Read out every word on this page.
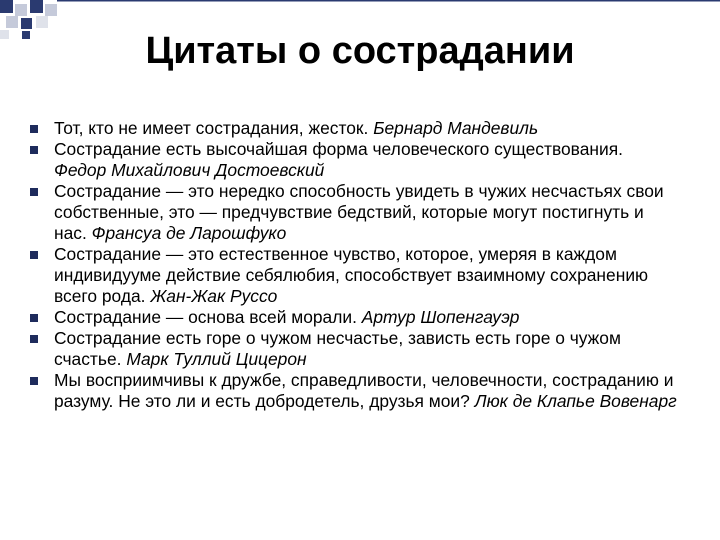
Цитаты о сострадании
Тот, кто не имеет сострадания, жесток. Бернард Мандевиль
Сострадание есть высочайшая форма человеческого существования. Федор Михайлович Достоевский
Сострадание — это нередко способность увидеть в чужих несчастьях свои собственные, это — предчувствие бедствий, которые могут постигнуть и нас. Франсуа де Ларошфуко
Сострадание — это естественное чувство, которое, умеряя в каждом индивидууме действие себялюбия, способствует взаимному сохранению всего рода. Жан-Жак Руссо
Сострадание — основа всей морали. Артур Шопенгауэр
Сострадание есть горе о чужом несчастье, зависть есть горе о чужом счастье. Марк Туллий Цицерон
Мы восприимчивы к дружбе, справедливости, человечности, состраданию и разуму. Не это ли и есть добродетель, друзья мои? Люк де Клапье Вовенарг
